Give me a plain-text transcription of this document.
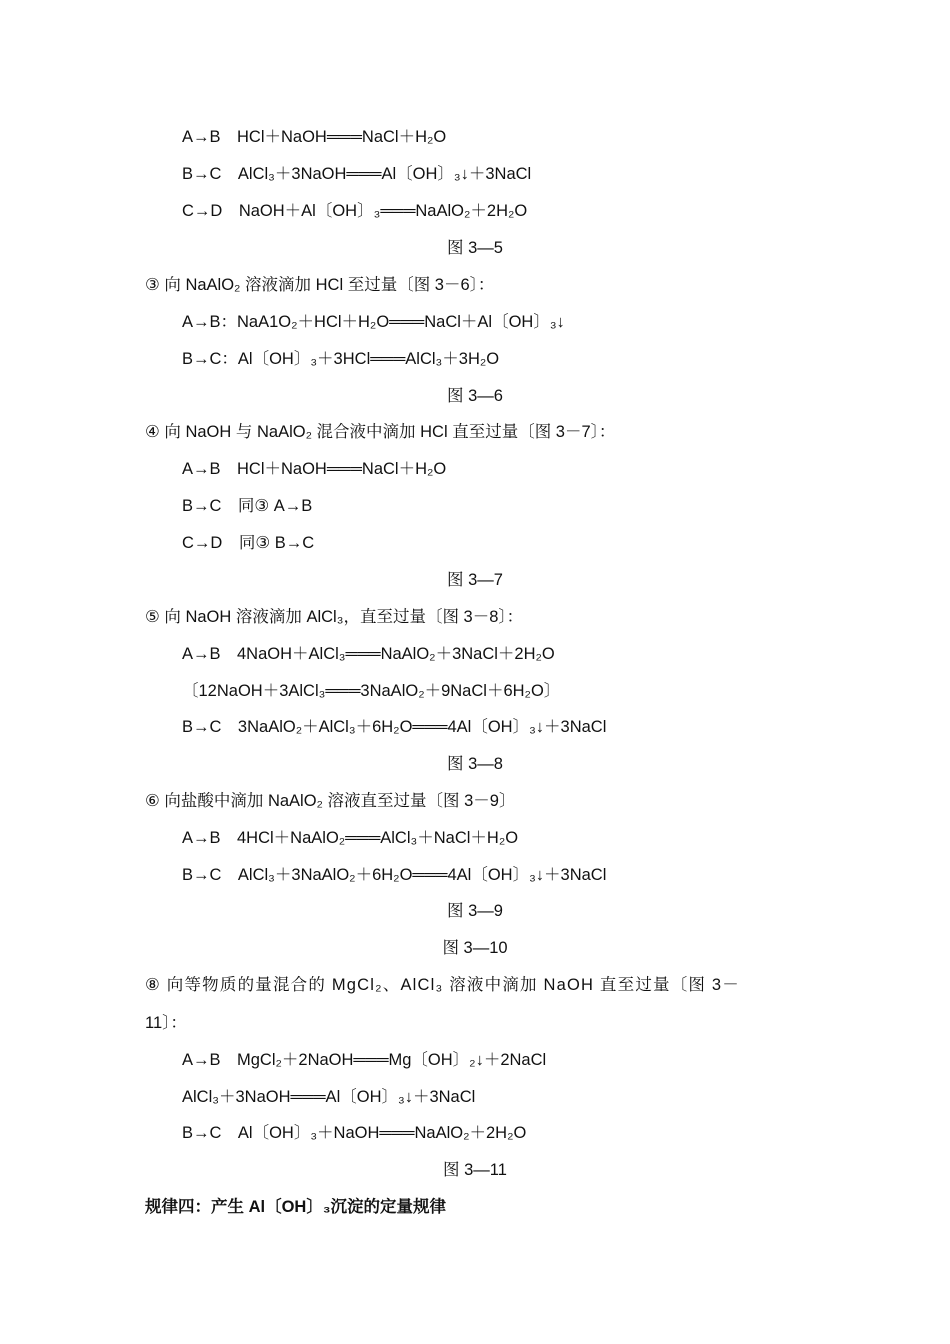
A→B　HCl＋NaOH═══NaCl＋H₂O
B→C　AlCl₃＋3NaOH═══Al〔OH〕₃↓＋3NaCl
C→D　NaOH＋Al〔OH〕₃═══NaAlO₂＋2H₂O
图 3—5
③ 向 NaAlO₂ 溶液滴加 HCl 至过量〔图 3－6〕：
A→B：NaA1O₂＋HCl＋H₂O═══NaCl＋Al〔OH〕₃↓
B→C：Al〔OH〕₃＋3HCl═══AlCl₃＋3H₂O
图 3—6
④ 向 NaOH 与 NaAlO₂ 混合液中滴加 HCl 直至过量〔图 3－7〕：
A→B　HCl＋NaOH═══NaCl＋H₂O
B→C　同③ A→B
C→D　同③ B→C
图 3—7
⑤ 向 NaOH 溶液滴加 AlCl₃，直至过量〔图 3－8〕：
A→B　4NaOH＋AlCl₃═══NaAlO₂＋3NaCl＋2H₂O
〔12NaOH＋3AlCl₃═══3NaAlO₂＋9NaCl＋6H₂O〕
B→C　3NaAlO₂＋AlCl₃＋6H₂O═══4Al〔OH〕₃↓＋3NaCl
图 3—8
⑥ 向盐酸中滴加 NaAlO₂ 溶液直至过量〔图 3－9〕
A→B　4HCl＋NaAlO₂═══AlCl₃＋NaCl＋H₂O
B→C　AlCl₃＋3NaAlO₂＋6H₂O═══4Al〔OH〕₃↓＋3NaCl
图 3—9
图 3—10
⑧ 向等物质的量混合的 MgCl₂、AlCl₃ 溶液中滴加 NaOH 直至过量〔图 3－
11〕：
A→B　MgCl₂＋2NaOH═══Mg〔OH〕₂↓＋2NaCl
AlCl₃＋3NaOH═══Al〔OH〕₃↓＋3NaCl
B→C　Al〔OH〕₃＋NaOH═══NaAlO₂＋2H₂O
图 3—11
规律四：产生 Al〔OH〕₃沉淀的定量规律
